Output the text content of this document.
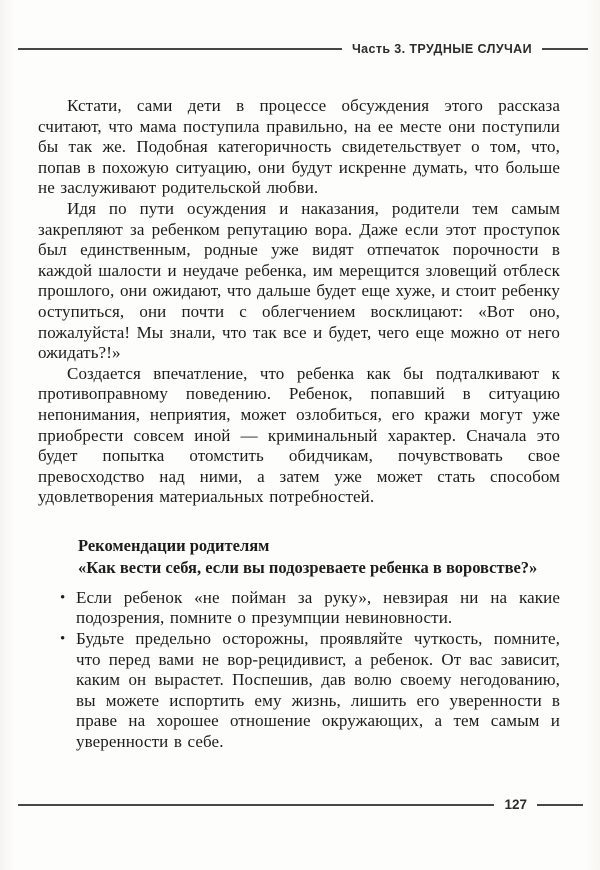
Часть 3. ТРУДНЫЕ СЛУЧАИ

Кстати, сами дети в процессе обсуждения этого рассказа считают, что мама поступила правильно, на ее месте они поступили бы так же. Подобная категоричность свидетельствует о том, что, попав в похожую ситуацию, они будут искренне думать, что больше не заслуживают родительской любви.

Идя по пути осуждения и наказания, родители тем самым закрепляют за ребенком репутацию вора. Даже если этот проступок был единственным, родные уже видят отпечаток порочности в каждой шалости и неудаче ребенка, им мерещится зловещий отблеск прошлого, они ожидают, что дальше будет еще хуже, и стоит ребенку оступиться, они почти с облегчением восклицают: «Вот оно, пожалуйста! Мы знали, что так все и будет, чего еще можно от него ожидать?!»

Создается впечатление, что ребенка как бы подталкивают к противоправному поведению. Ребенок, попавший в ситуацию непонимания, неприятия, может озлобиться, его кражи могут уже приобрести совсем иной — криминальный характер. Сначала это будет попытка отомстить обидчикам, почувствовать свое превосходство над ними, а затем уже может стать способом удовлетворения материальных потребностей.

Рекомендации родителям
«Как вести себя, если вы подозреваете ребенка в воровстве?»
• Если ребенок «не пойман за руку», невзирая ни на какие подозрения, помните о презумпции невиновности.
• Будьте предельно осторожны, проявляйте чуткость, помните, что перед вами не вор-рецидивист, а ребенок. От вас зависит, каким он вырастет. Поспешив, дав волю своему негодованию, вы можете испортить ему жизнь, лишить его уверенности в праве на хорошее отношение окружающих, а тем самым и уверенности в себе.
127
